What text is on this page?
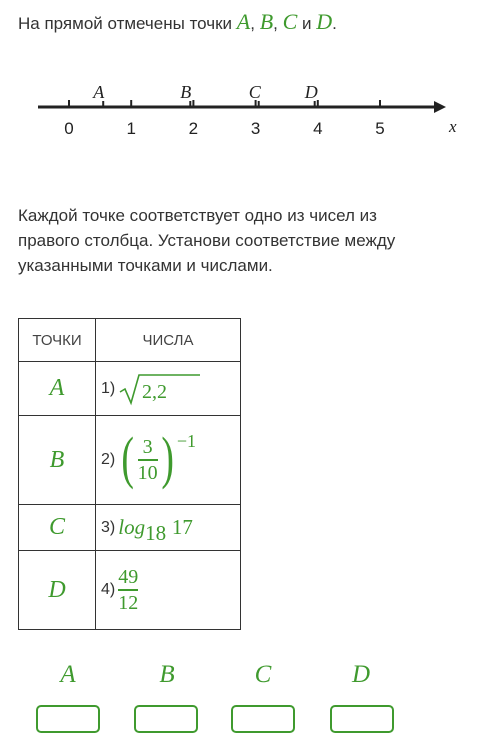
На прямой отмечены точки A, B, C и D.
x
0	1	2	3	4	5
A	B	C D
Каждой точке соответствует одно из чисел из
правого столбца. Установи соответствие между
указанными точками и числами.
ТОЧКИ	ЧИСЛА
A 1) 2,2
B 2) ( $\frac{3}{10}$ ) −1
C 3) log18 17
D $4) \frac{49}{12}$
A	B	C	D
